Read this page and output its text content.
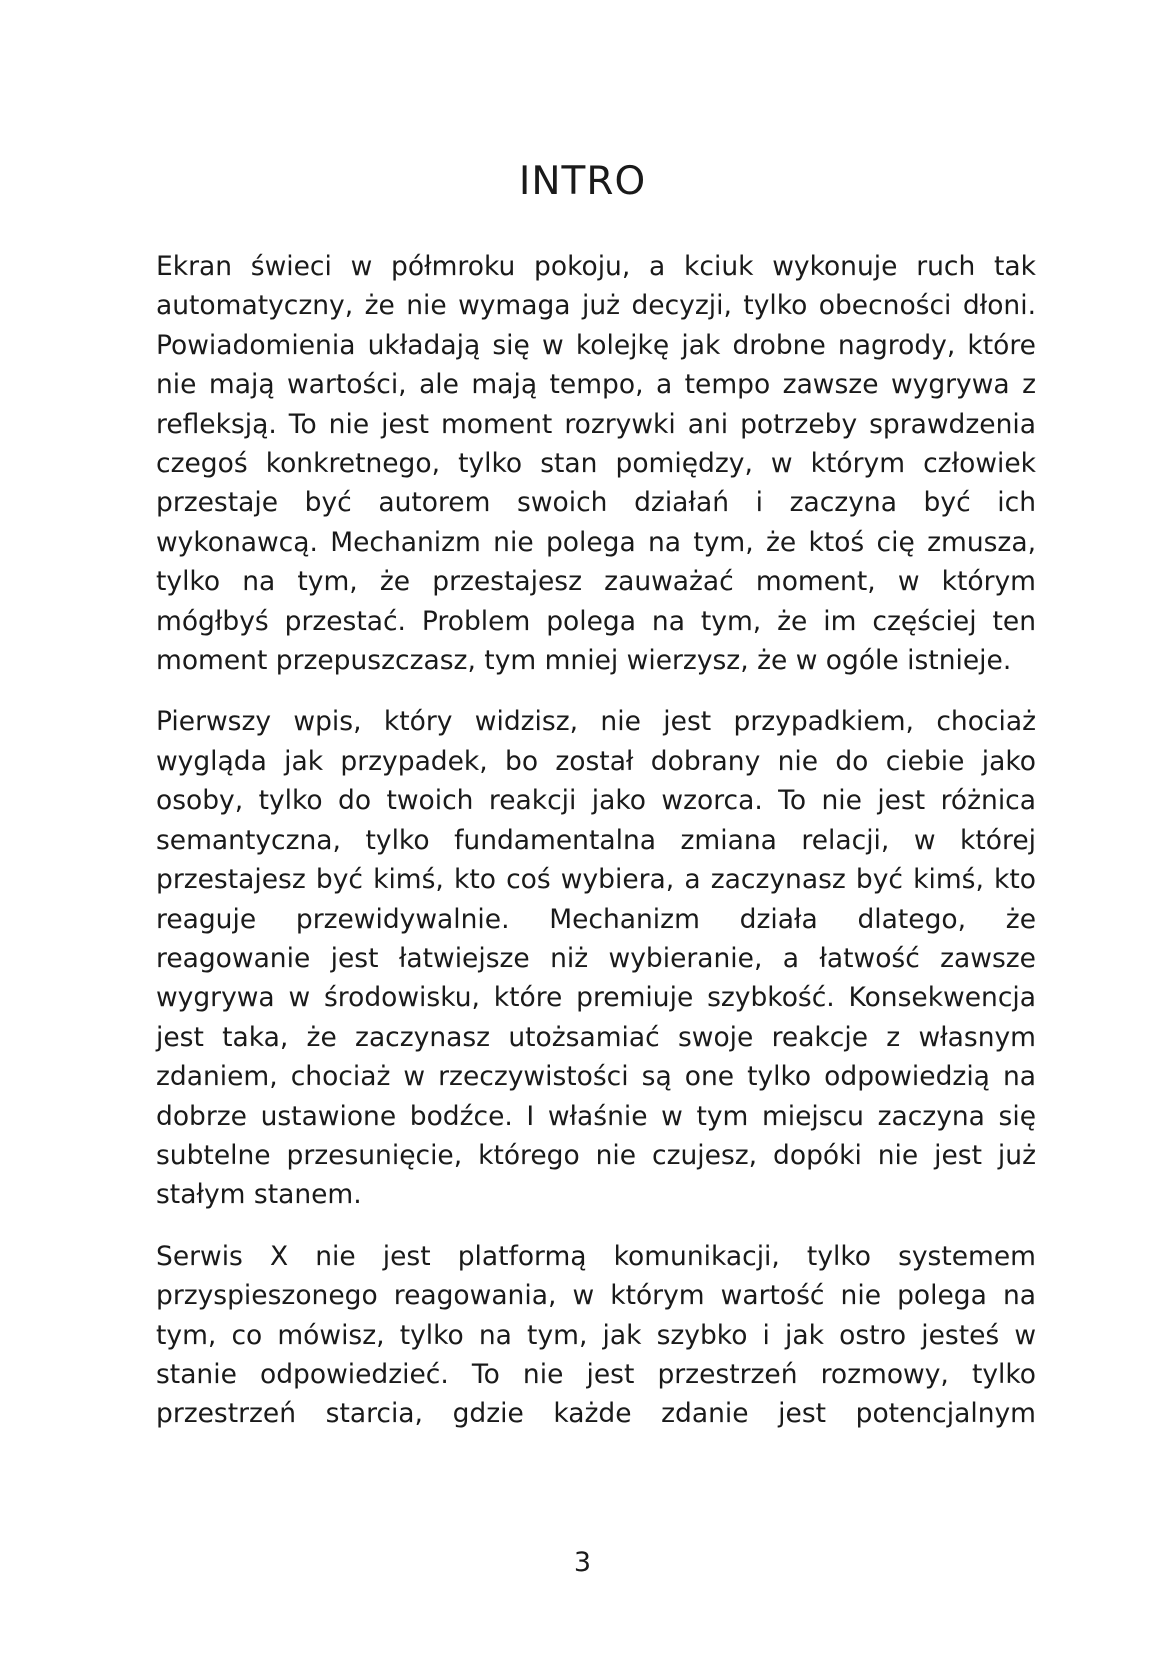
INTRO

Ekran świeci w półmroku pokoju, a kciuk wykonuje ruch tak automatyczny, że nie wymaga już decyzji, tylko obecności dłoni. Powiadomienia układają się w kolejkę jak drobne nagrody, które nie mają wartości, ale mają tempo, a tempo zawsze wygrywa z refleksją. To nie jest moment rozrywki ani potrzeby sprawdzenia czegoś konkretnego, tylko stan pomiędzy, w którym człowiek przestaje być autorem swoich działań i zaczyna być ich wykonawcą. Mechanizm nie polega na tym, że ktoś cię zmusza, tylko na tym, że przestajesz zauważać moment, w którym mógłbyś przestać. Problem polega na tym, że im częściej ten moment przepuszczasz, tym mniej wierzysz, że w ogóle istnieje.

Pierwszy wpis, który widzisz, nie jest przypadkiem, chociaż wygląda jak przypadek, bo został dobrany nie do ciebie jako osoby, tylko do twoich reakcji jako wzorca. To nie jest różnica semantyczna, tylko fundamentalna zmiana relacji, w której przestajesz być kimś, kto coś wybiera, a zaczynasz być kimś, kto reaguje przewidywalnie. Mechanizm działa dlatego, że reagowanie jest łatwiejsze niż wybieranie, a łatwość zawsze wygrywa w środowisku, które premiuje szybkość. Konsekwencja jest taka, że zaczynasz utożsamiać swoje reakcje z własnym zdaniem, chociaż w rzeczywistości są one tylko odpowiedzią na dobrze ustawione bodźce. I właśnie w tym miejscu zaczyna się subtelne przesunięcie, którego nie czujesz, dopóki nie jest już stałym stanem.

Serwis X nie jest platformą komunikacji, tylko systemem przyspieszonego reagowania, w którym wartość nie polega na tym, co mówisz, tylko na tym, jak szybko i jak ostro jesteś w stanie odpowiedzieć. To nie jest przestrzeń rozmowy, tylko przestrzeń starcia, gdzie każde zdanie jest potencjalnym

3
